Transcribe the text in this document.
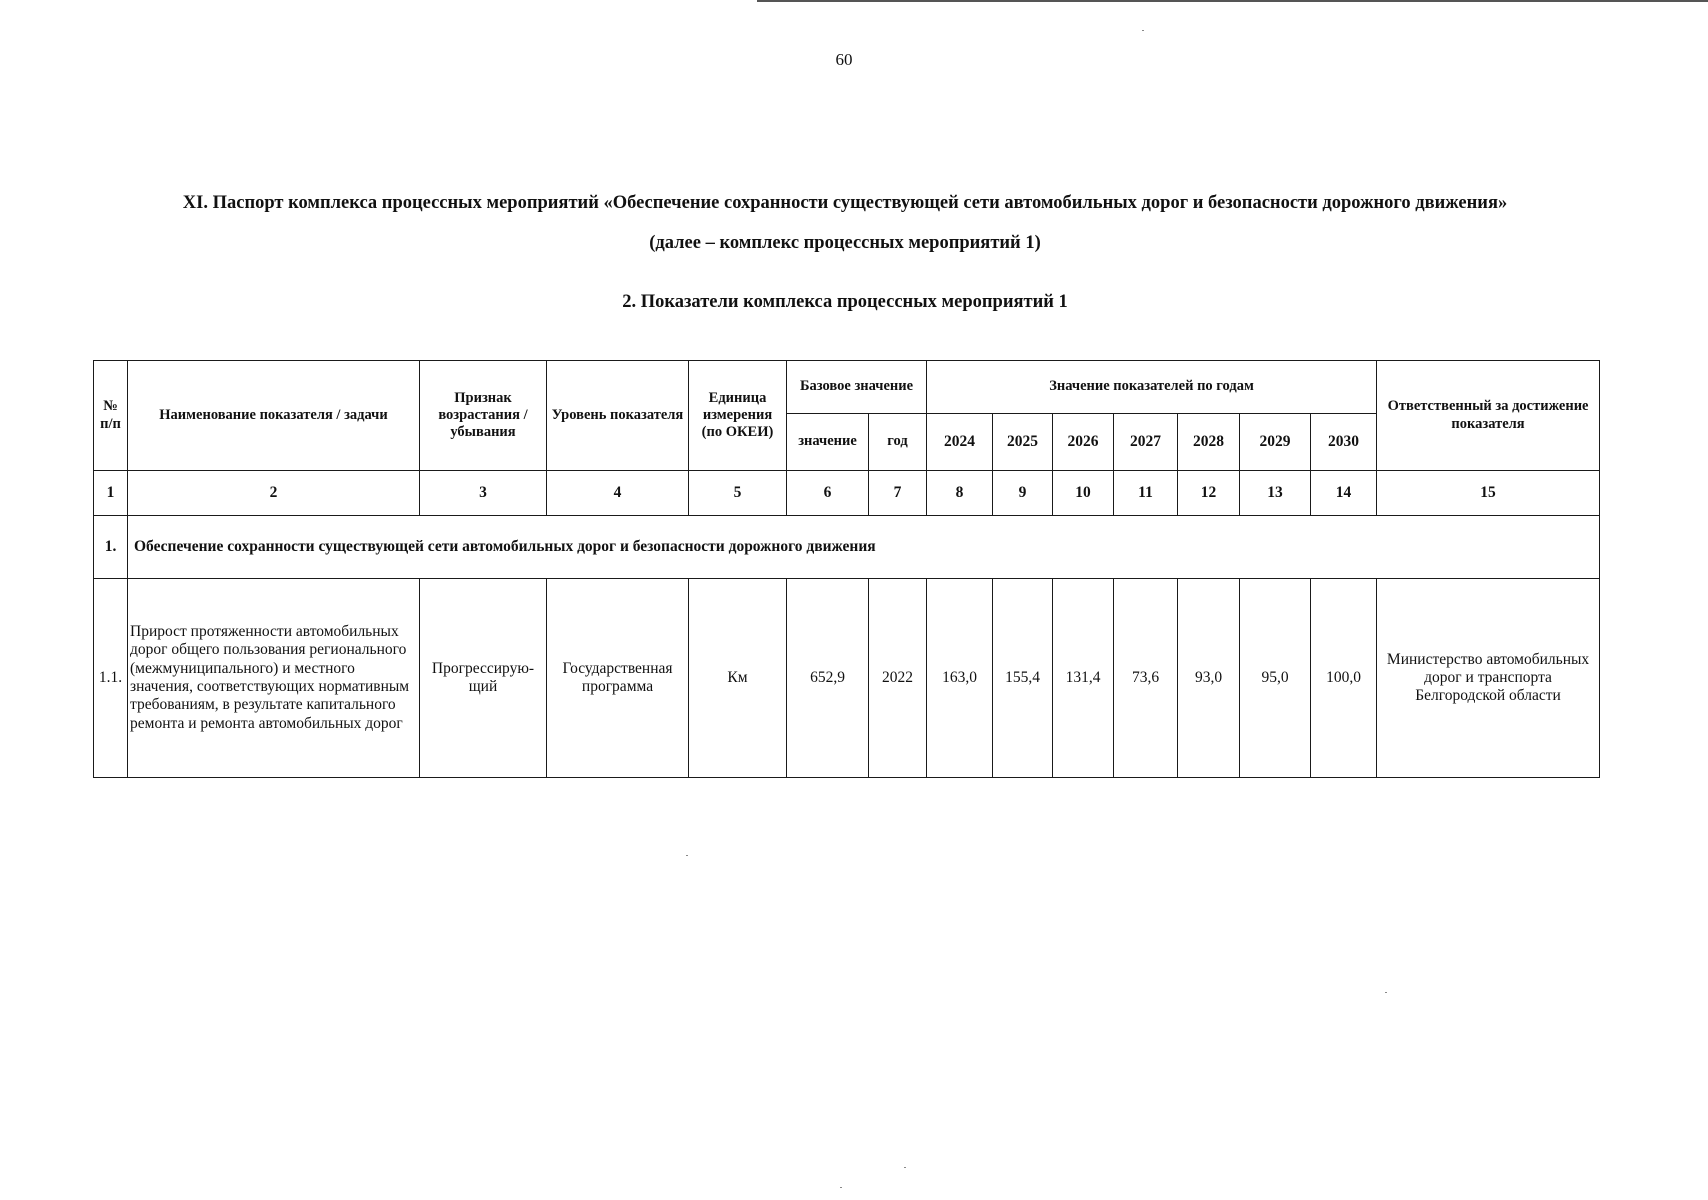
60
XI. Паспорт комплекса процессных мероприятий «Обеспечение сохранности существующей сети автомобильных дорог и безопасности дорожного движения»
(далее – комплекс процессных мероприятий 1)
2. Показатели комплекса процессных мероприятий 1
№ п/п	Наименование показателя / задачи	Признак возрастания / убывания	Уровень показателя	Единица измерения (по ОКЕИ)	Базовое значение		Значение показателей по годам							Ответственный за достижение показателя
					значение	год	2024	2025	2026	2027	2028	2029	2030	
1	2	3	4	5	6	7	8	9	10	11	12	13	14	15
1.	Обеспечение сохранности существующей сети автомобильных дорог и безопасности дорожного движения													
1.1.	Прирост протяженности автомобильных дорог общего пользования регионального (межмуниципального) и местного значения, соответствующих нормативным требованиям, в результате капитального ремонта и ремонта автомобильных дорог	Прогрессирую-щий	Государственная программа	Км	652,9	2022	163,0	155,4	131,4	73,6	93,0	95,0	100,0	Министерство автомобильных дорог и транспорта Белгородской области
